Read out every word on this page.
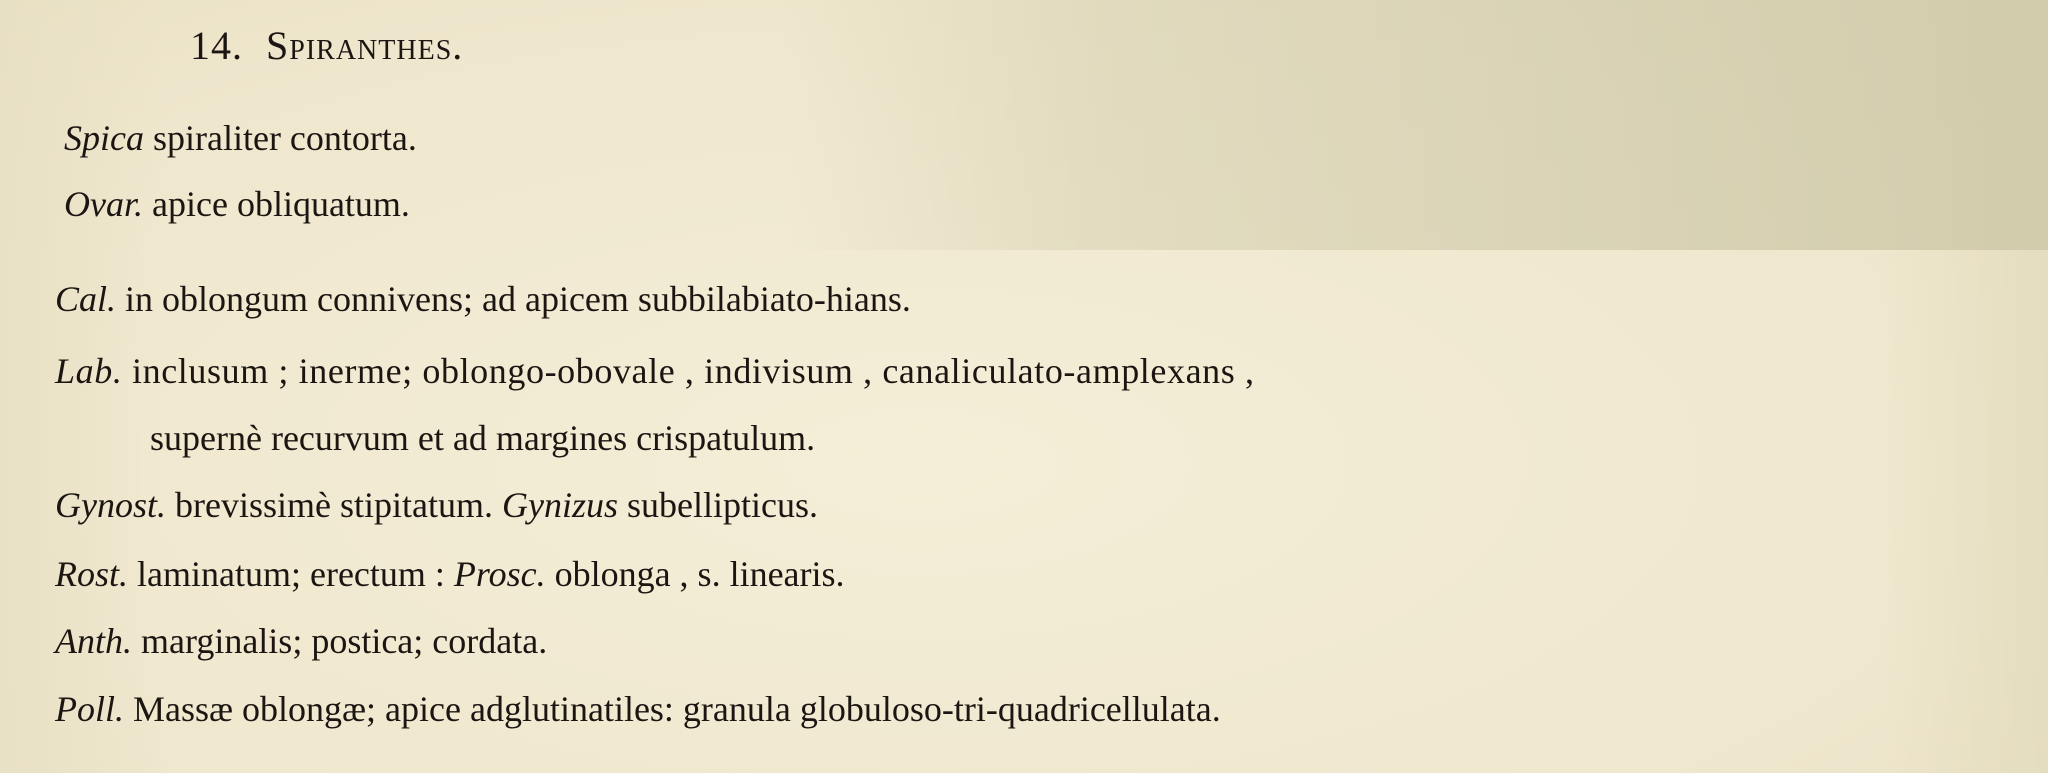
14. Spiranthes.
Spica spiraliter contorta.
Ovar. apice obliquatum.
Cal. in oblongum connivens; ad apicem subbilabiato-hians.
Lab. inclusum ; inerme; oblongo-obovale , indivisum , canaliculato-amplexans ,
supernè recurvum et ad margines crispatulum.
Gynost. brevissimè stipitatum. Gynizus subellipticus.
Rost. laminatum; erectum : Prosc. oblonga , s. linearis.
Anth. marginalis; postica; cordata.
Poll. Massæ oblongæ; apice adglutinatiles: granula globuloso-tri-quadricellulata.
